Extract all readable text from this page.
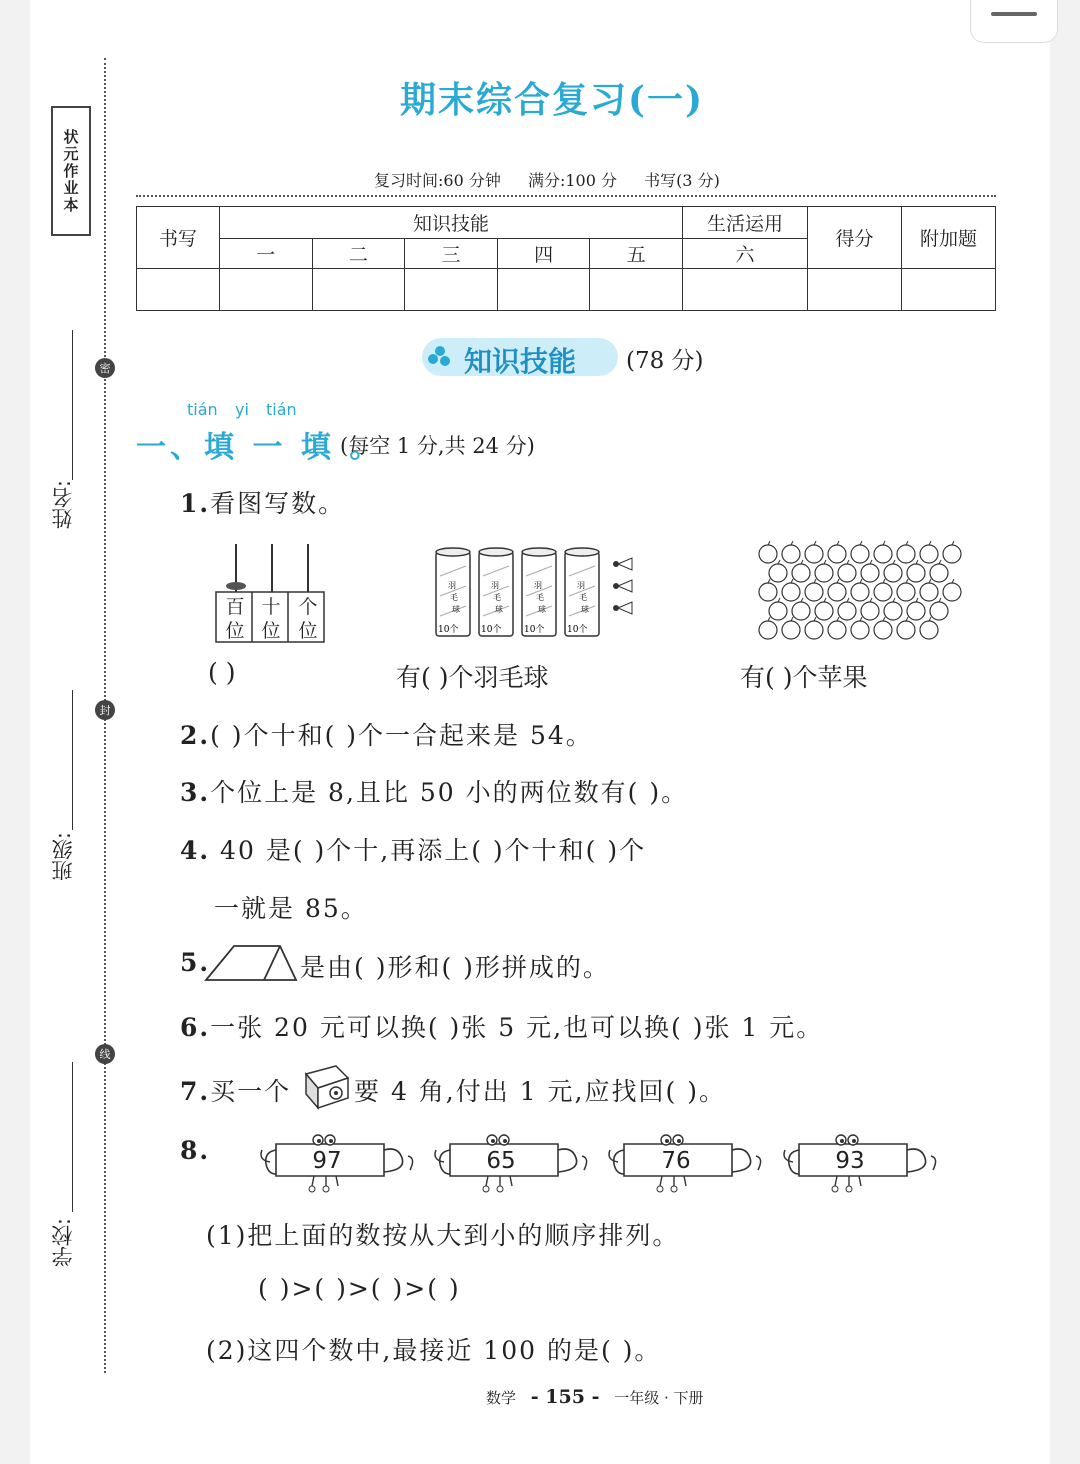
状元作业本
密
封
线
姓名:
班级:
学校:
期末综合复习(一)
复习时间:60 分钟 满分:100 分 书写(3 分)
书写	知识技能					生活运用	得分	附加题
	一	二	三	四	五	六		

知识技能 (78 分)
tián yi tián
一、填 一 填 。
(每空 1 分,共 24 分)
1.看图写数。
百
位
十
位
个
位
羽
毛
球
10个
羽
毛
球
10个
羽
毛
球
10个
羽
毛
球
10个
( )	有( )个羽毛球	有( )个苹果
2.( )个十和( )个一合起来是 54。
3.个位上是 8,且比 50 小的两位数有( )。
4. 40 是( )个十,再添上( )个十和( )个
一就是 85。
5.	是由( )形和( )形拼成的。
6.一张 20 元可以换( )张 5 元,也可以换( )张 1 元。
7.买一个	要 4 角,付出 1 元,应找回( )。
8.	97	65	76	93
(1)把上面的数按从大到小的顺序排列。
( )>( )>( )>( )
(2)这四个数中,最接近 100 的是( )。
数学 - 155 - 一年级 · 下册
